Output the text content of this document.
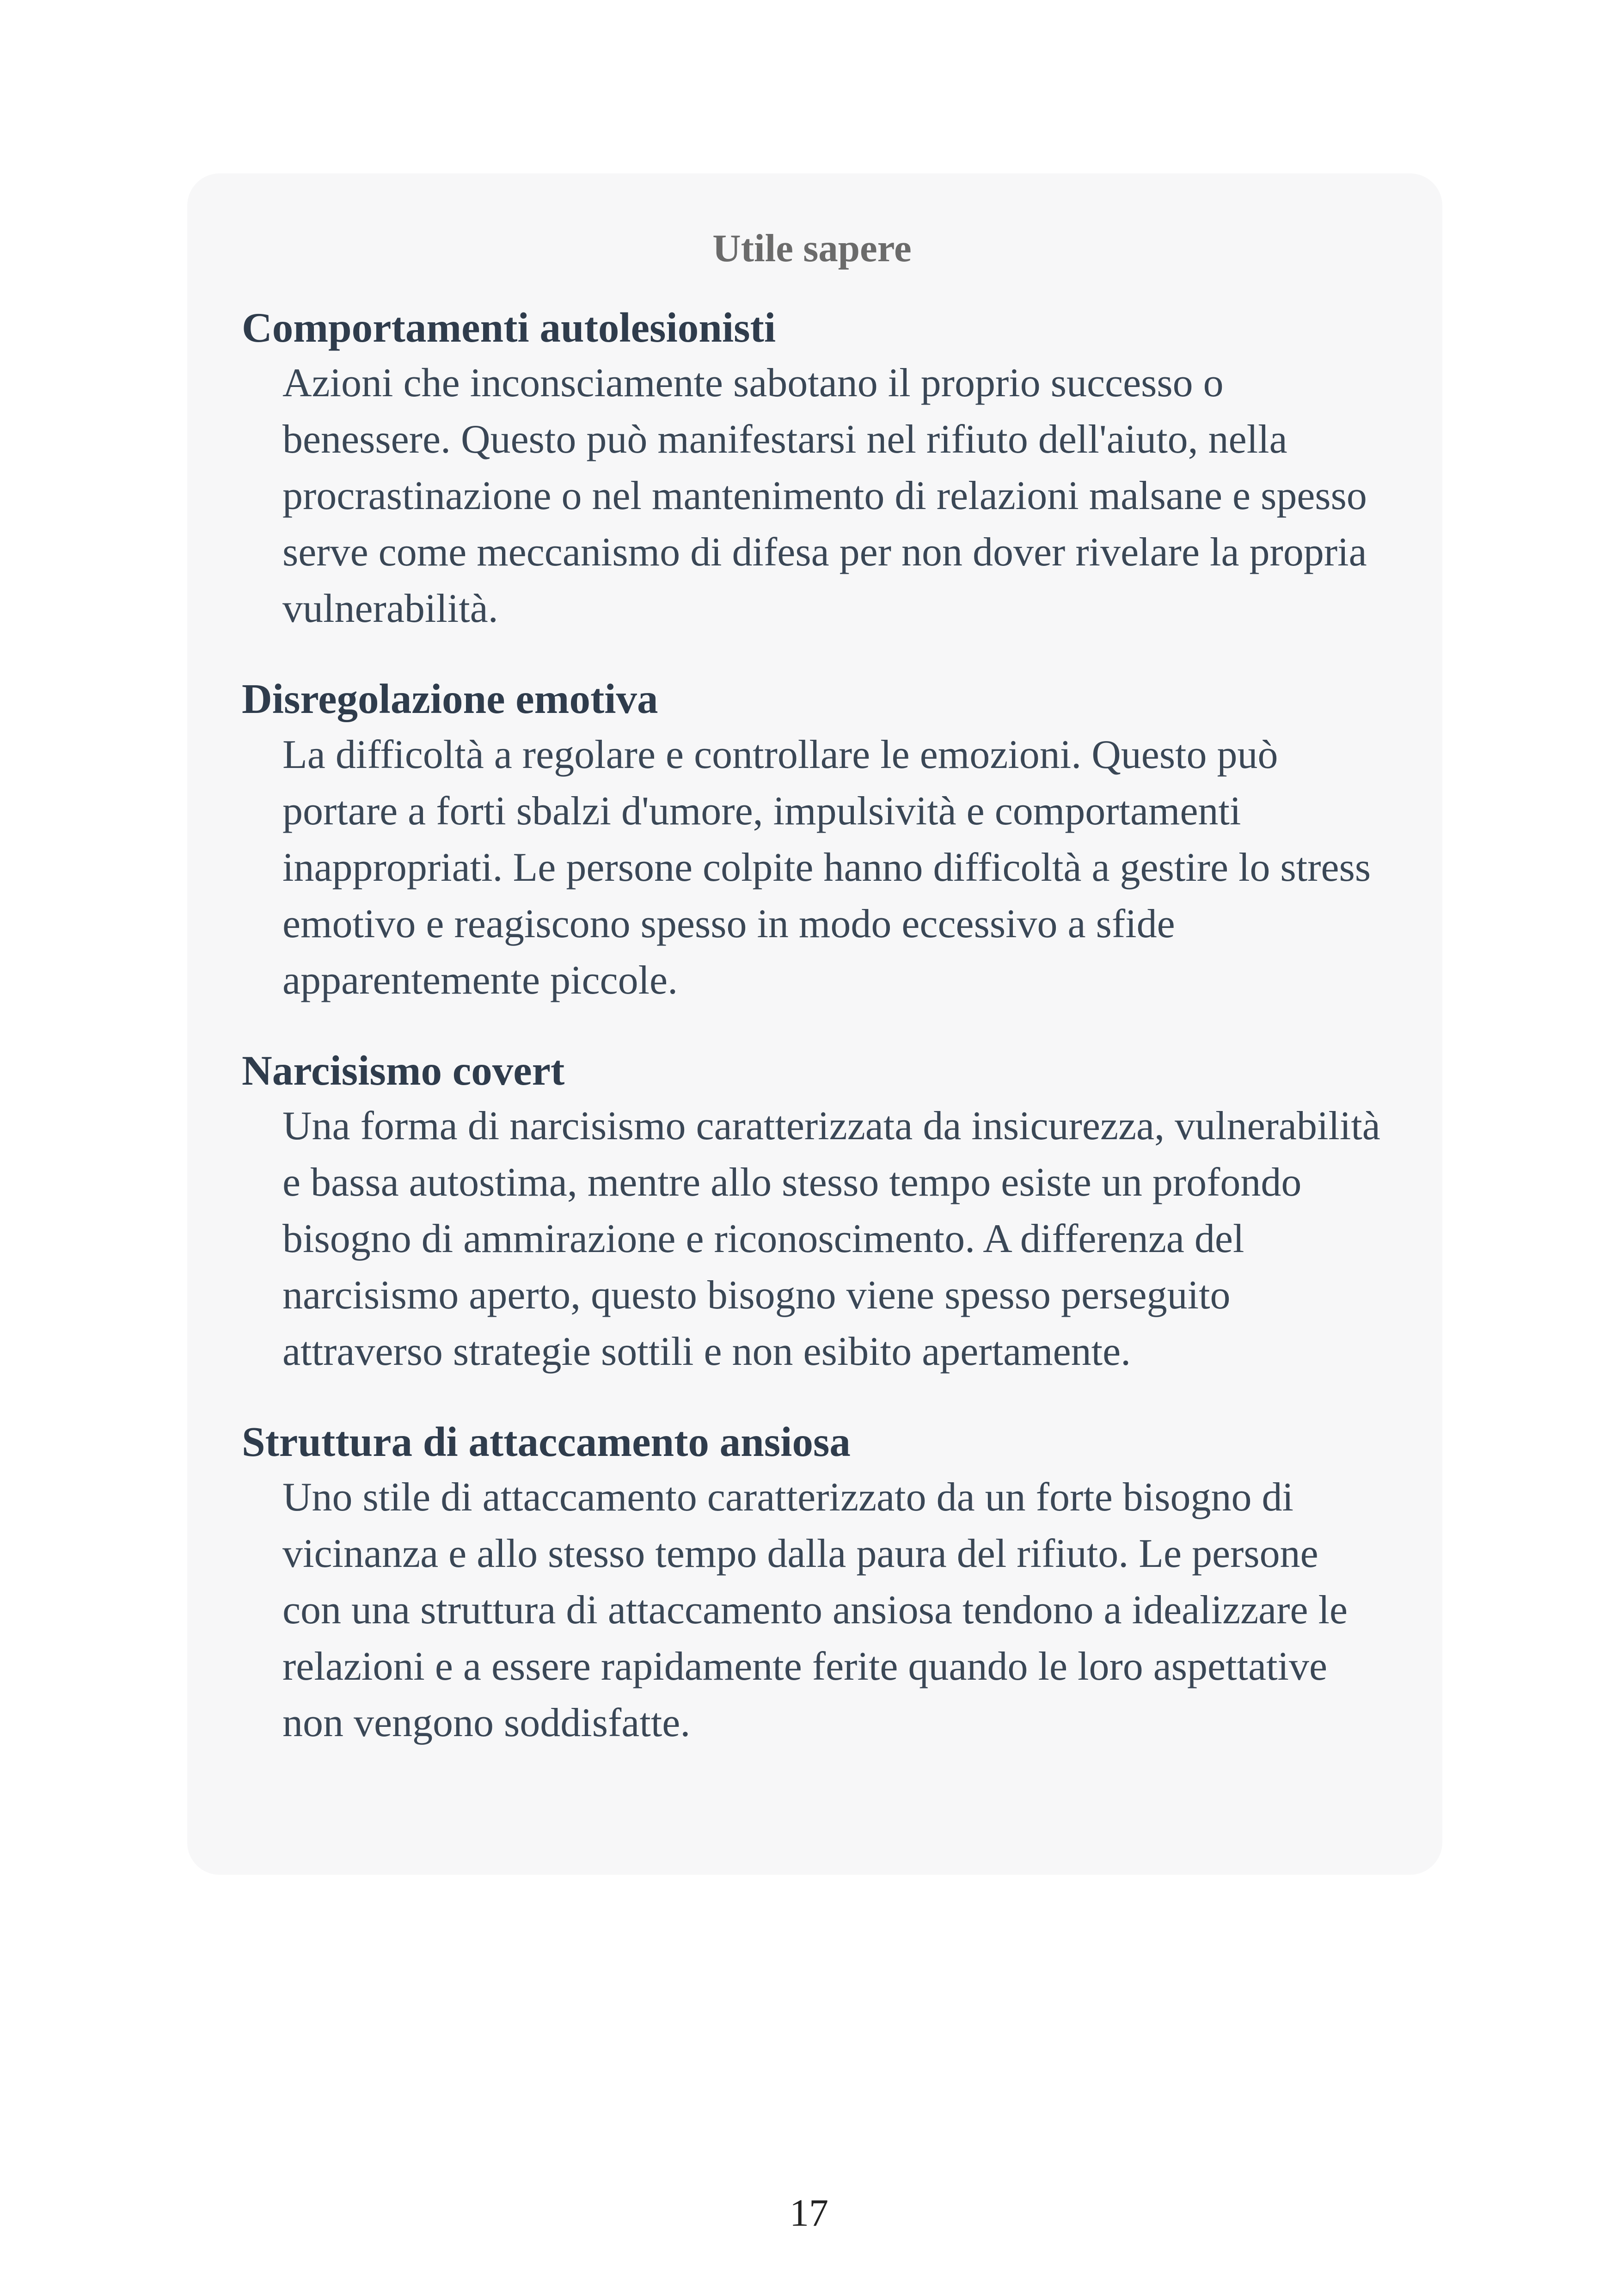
Utile sapere
Comportamenti autolesionisti
Azioni che inconsciamente sabotano il proprio successo o benessere. Questo può manifestarsi nel rifiuto dell'aiuto, nella procrastinazione o nel mantenimento di relazioni malsane e spesso serve come meccanismo di difesa per non dover rivelare la propria vulnerabilità.
Disregolazione emotiva
La difficoltà a regolare e controllare le emozioni. Questo può portare a forti sbalzi d'umore, impulsività e comportamenti inappropriati. Le persone colpite hanno difficoltà a gestire lo stress emotivo e reagiscono spesso in modo eccessivo a sfide apparentemente piccole.
Narcisismo covert
Una forma di narcisismo caratterizzata da insicurezza, vulnerabilità e bassa autostima, mentre allo stesso tempo esiste un profondo bisogno di ammirazione e riconoscimento. A differenza del narcisismo aperto, questo bisogno viene spesso perseguito attraverso strategie sottili e non esibito apertamente.
Struttura di attaccamento ansiosa
Uno stile di attaccamento caratterizzato da un forte bisogno di vicinanza e allo stesso tempo dalla paura del rifiuto. Le persone con una struttura di attaccamento ansiosa tendono a idealizzare le relazioni e a essere rapidamente ferite quando le loro aspettative non vengono soddisfatte.
17
